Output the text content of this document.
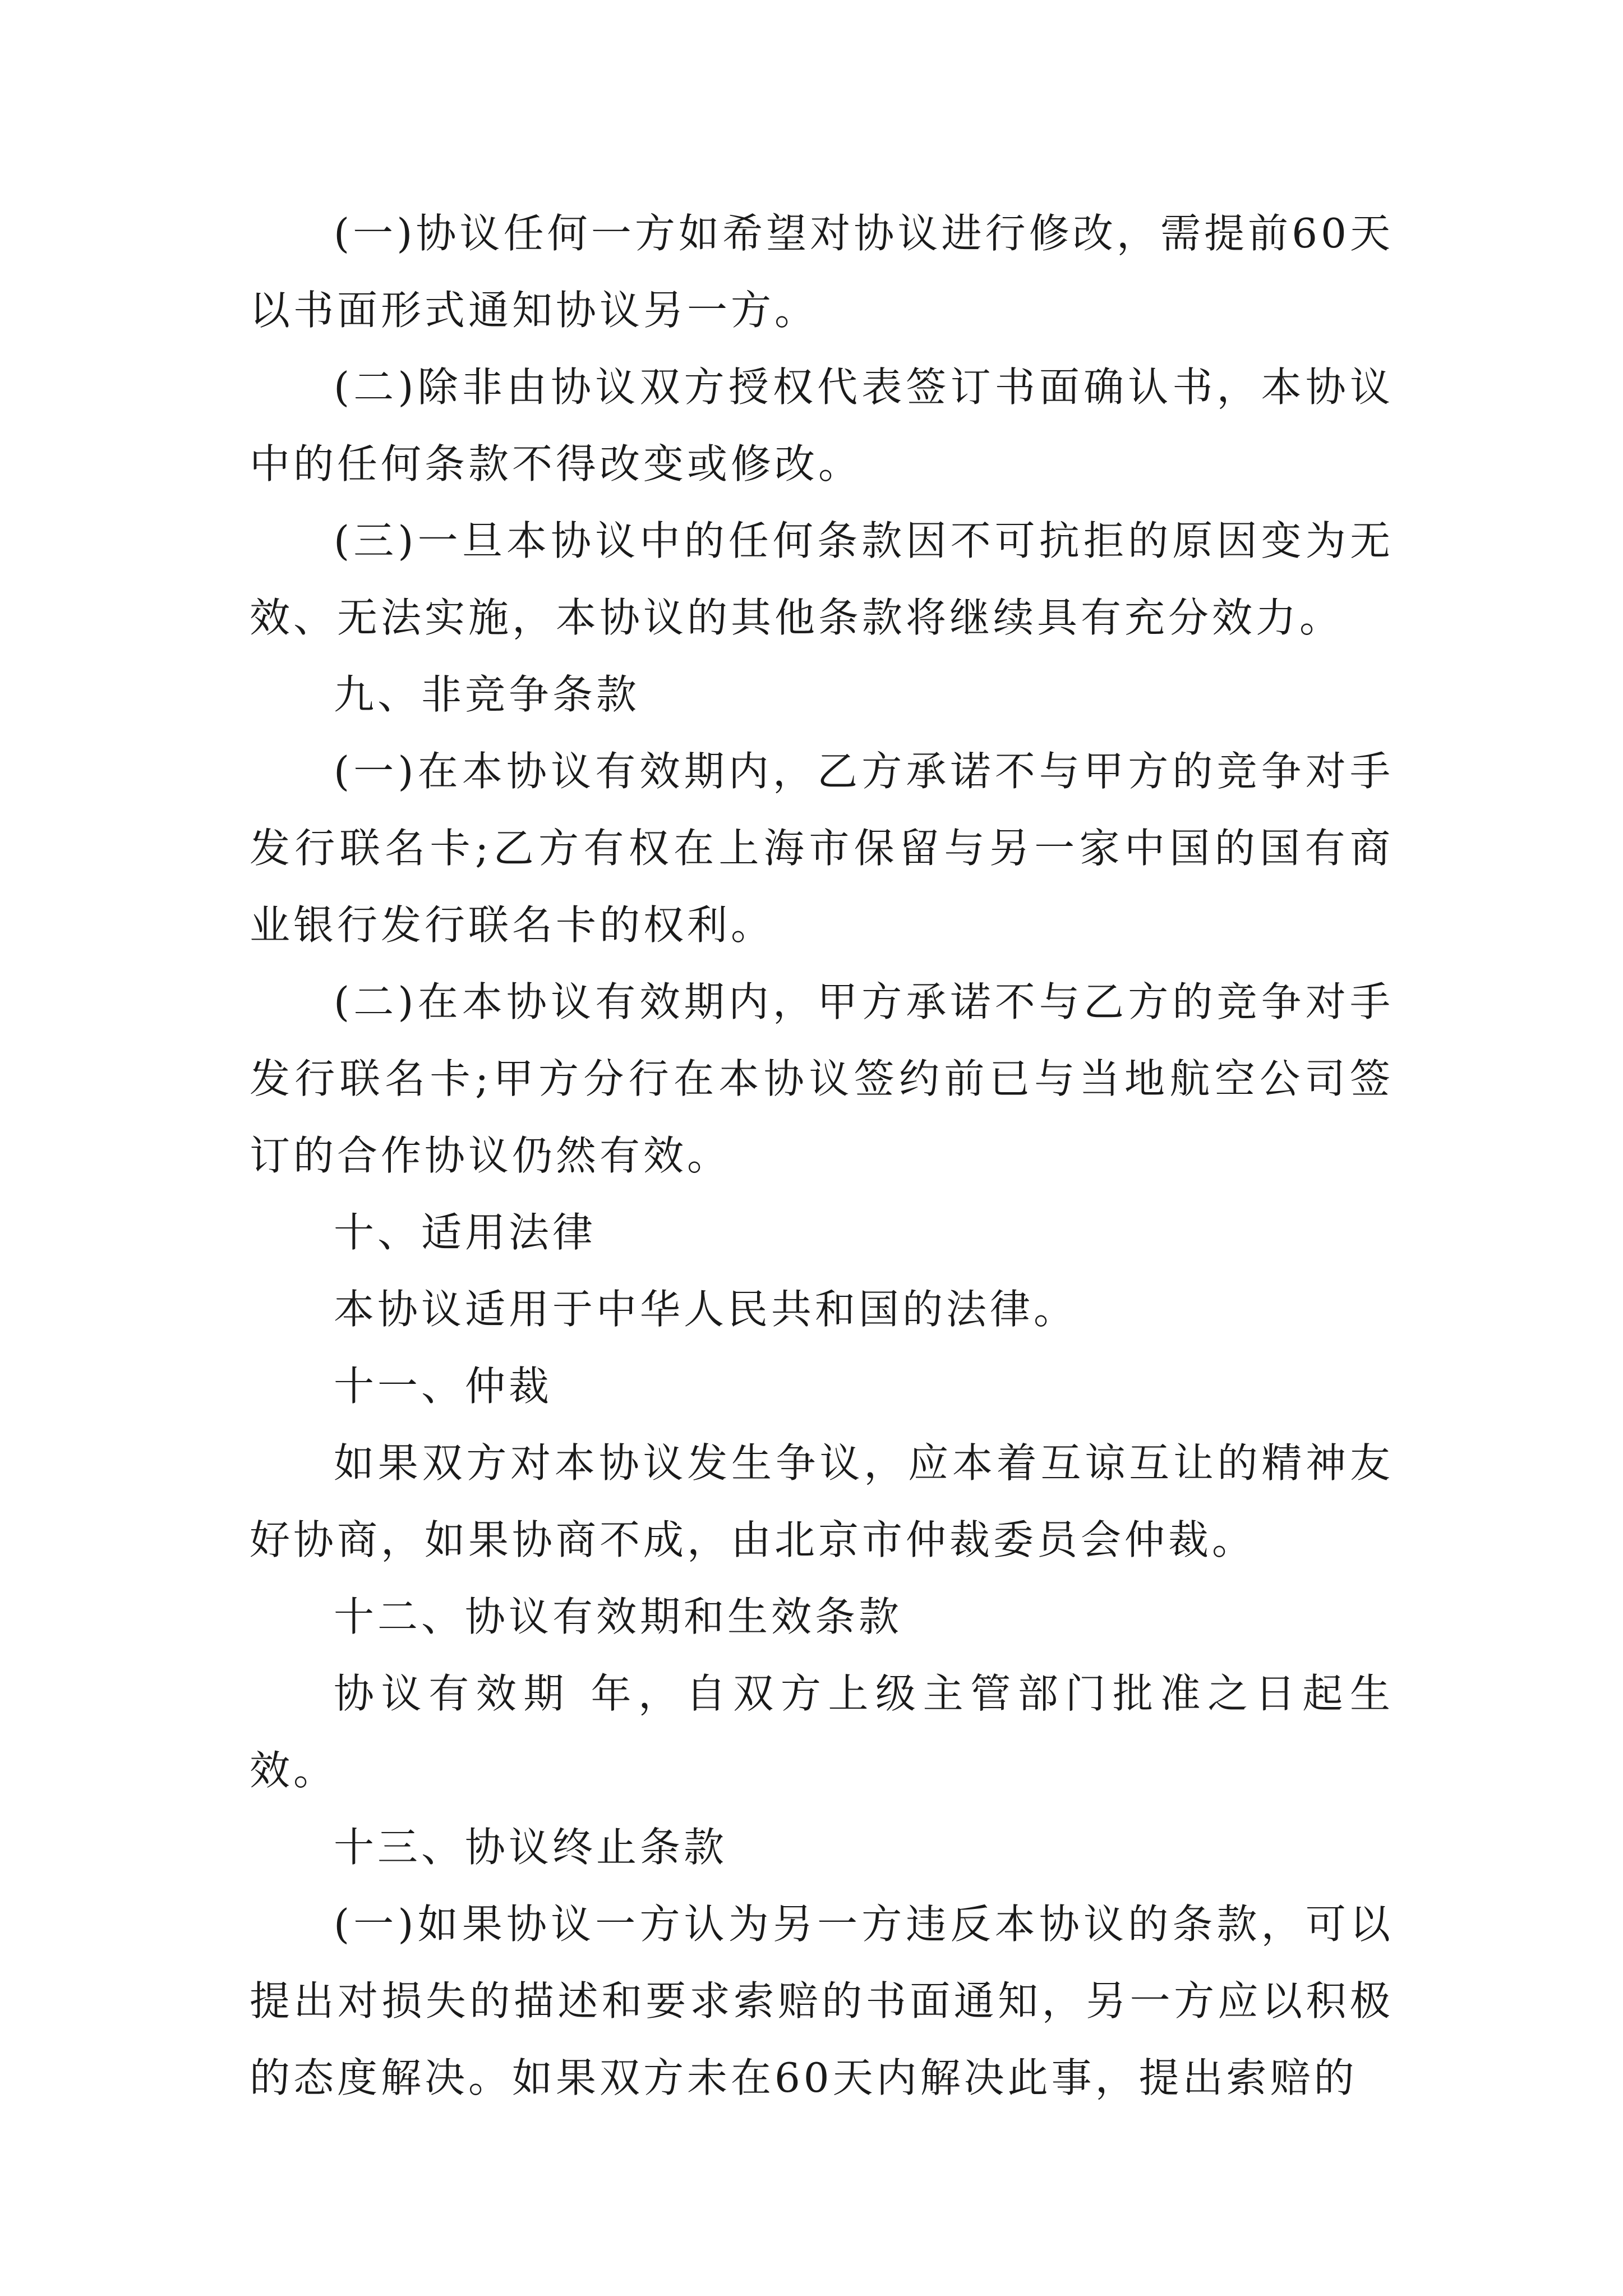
(一)协议任何一方如希望对协议进行修改，需提前60天以书面形式通知协议另一方。

(二)除非由协议双方授权代表签订书面确认书，本协议中的任何条款不得改变或修改。

(三)一旦本协议中的任何条款因不可抗拒的原因变为无效、无法实施，本协议的其他条款将继续具有充分效力。

九、非竞争条款

(一)在本协议有效期内，乙方承诺不与甲方的竞争对手发行联名卡;乙方有权在上海市保留与另一家中国的国有商业银行发行联名卡的权利。

(二)在本协议有效期内，甲方承诺不与乙方的竞争对手发行联名卡;甲方分行在本协议签约前已与当地航空公司签订的合作协议仍然有效。

十、适用法律

本协议适用于中华人民共和国的法律。

十一、仲裁

如果双方对本协议发生争议，应本着互谅互让的精神友好协商，如果协商不成，由北京市仲裁委员会仲裁。

十二、协议有效期和生效条款

协议有效期 年，自双方上级主管部门批准之日起生效。

十三、协议终止条款

(一)如果协议一方认为另一方违反本协议的条款，可以提出对损失的描述和要求索赔的书面通知，另一方应以积极的态度解决。如果双方未在60天内解决此事，提出索赔的
